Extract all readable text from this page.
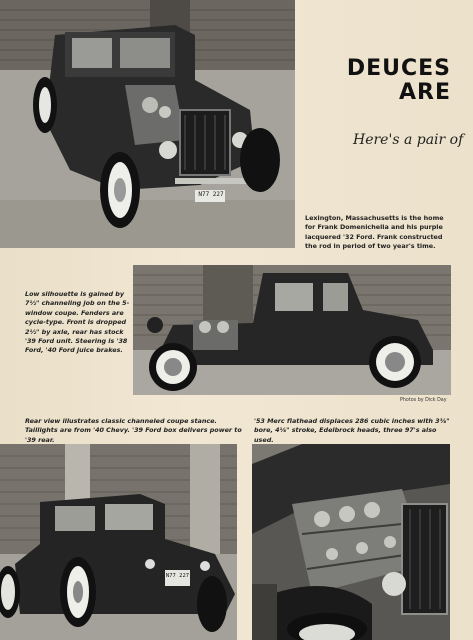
N77 227
DEUCES
ARE
Here's a pair of
Lexington, Massachusetts is the home for Frank Domenichella and his purple lacquered '32 Ford. Frank constructed the rod in period of two year's time.
Low silhouette is gained by 7½" channeling job on the 5-window coupe. Fenders are cycle-type. Front is dropped 2½" by axle, rear has stock '39 Ford unit. Steering is '38 Ford, '40 Ford juice brakes.
Photos by Dick Day
Rear view illustrates classic channeled coupe stance. Taillights are from '40 Chevy. '39 Ford box delivers power to '39 rear.
'53 Merc flathead displaces 286 cubic inches with 3⅜" bore, 4⅛" stroke, Edelbrock heads, three 97's also used.
N77 227
